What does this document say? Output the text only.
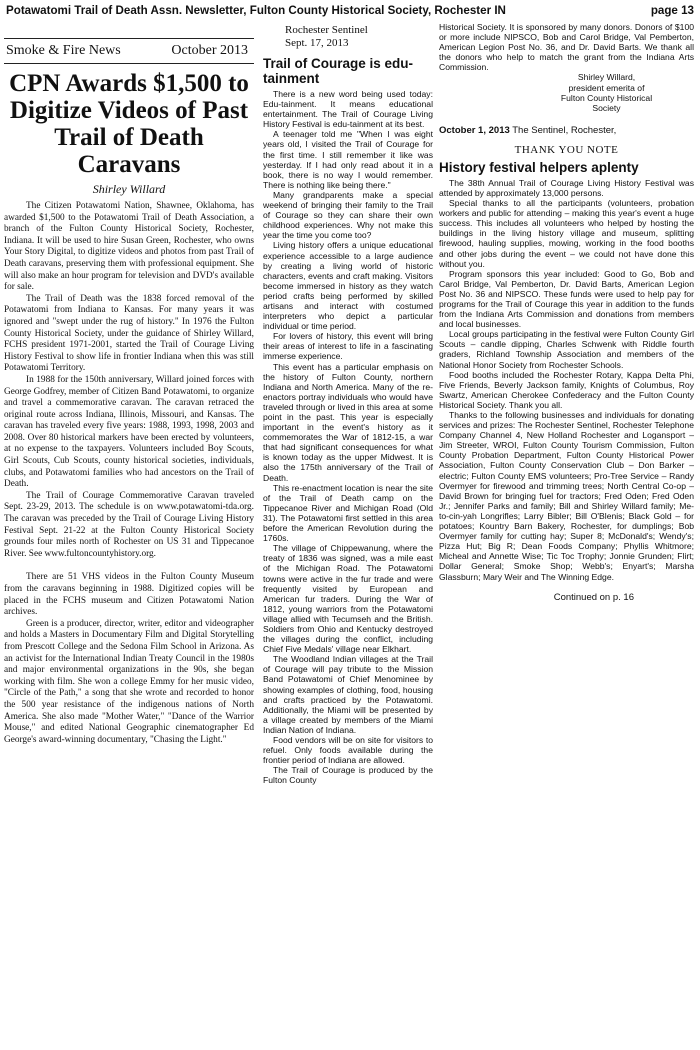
Potawatomi Trail of Death Assn. Newsletter, Fulton County Historical Society, Rochester IN	page 13
Smoke & Fire News	October 2013
CPN Awards $1,500 to Digitize Videos of Past Trail of Death Caravans
Shirley Willard

The Citizen Potawatomi Nation, Shawnee, Oklahoma, has awarded $1,500 to the Potawatomi Trail of Death Association, a branch of the Fulton County Historical Society, Rochester, Indiana. It will be used to hire Susan Green, Rochester, who owns Your Story Digital, to digitize videos and photos from past Trail of Death caravans, preserving them with professional equipment. She will also make an hour program for television and DVD's available for sale.

The Trail of Death was the 1838 forced removal of the Potawatomi from Indiana to Kansas. For many years it was ignored and "swept under the rug of history." In 1976 the Fulton County Historical Society, under the guidance of Shirley Willard, FCHS president 1971-2001, started the Trail of Courage Living History Festival to show life in frontier Indiana when this was still Potawatomi Territory.

In 1988 for the 150th anniversary, Willard joined forces with George Godfrey, member of Citizen Band Potawatomi, to organize and travel a commemorative caravan. The caravan retraced the original route across Indiana, Illinois, Missouri, and Kansas. The caravan has traveled every five years: 1988, 1993, 1998, 2003 and 2008. Over 80 historical markers have been erected by volunteers, at no expense to the taxpayers. Volunteers included Boy Scouts, Girl Scouts, Cub Scouts, county historical societies, individuals, clubs, and Potawatomi families who had ancestors on the Trail of Death.

The Trail of Courage Commemorative Caravan traveled Sept. 23-29, 2013. The schedule is on www.potawatomi-tda.org. The caravan was preceded by the Trail of Courage Living History Festival Sept. 21-22 at the Fulton County Historical Society grounds four miles north of Rochester on US 31 and Tippecanoe River. See www.fultoncountyhistory.org.

There are 51 VHS videos in the Fulton County Museum from the caravans beginning in 1988. Digitized copies will be placed in the FCHS museum and Citizen Potawatomi Nation archives.

Green is a producer, director, writer, editor and videographer and holds a Masters in Documentary Film and Digital Storytelling from Prescott College and the Sedona Film School in Arizona. As an activist for the International Indian Treaty Council in the 1980s and major environmental organizations in the 90s, she began working with film. She won a college Emmy for her music video, "Circle of the Path," a song that she wrote and recorded to honor the 500 year resistance of the indigenous nations of North America. She also made "Mother Water," "Dance of the Warrior Mouse," and edited National Geographic cinematographer Ed George's award-winning documentary, "Chasing the Light."

Rochester Sentinel
Sept. 17, 2013
Trail of Courage is edu-tainment

There is a new word being used today: Edu-tainment. It means educational entertainment. The Trail of Courage Living History Festival is edu-tainment at its best.

A teenager told me "When I was eight years old, I visited the Trail of Courage for the first time. I still remember it like was yesterday. If I had only read about it in a book, there is no way I would remember. There is nothing like being there."

Many grandparents make a special weekend of bringing their family to the Trail of Courage so they can share their own childhood experiences. Why not make this year the time you come too?

Living history offers a unique educational experience accessible to a large audience by creating a living world of historic characters, events and craft making. Visitors become immersed in history as they watch period crafts being performed by skilled artisans and interact with costumed interpreters who depict a particular individual or time period.

For lovers of history, this event will bring their areas of interest to life in a fascinating immerse experience.

This event has a particular emphasis on the history of Fulton County, northern Indiana and North America. Many of the re-enactors portray individuals who would have traveled through or lived in this area at some point in the past. This year is especially important in the event's history as it commemorates the War of 1812-15, a war that had significant consequences for what is known today as the upper Midwest. It is also the 175th anniversary of the Trail of Death.

This re-enactment location is near the site of the Trail of Death camp on the Tippecanoe River and Michigan Road (Old 31). The Potawatomi first settled in this area before the American Revolution during the 1760s.

The village of Chippewanung, where the treaty of 1836 was signed, was a mile east of the Michigan Road. The Potawatomi towns were active in the fur trade and were frequently visited by European and American fur traders. During the War of 1812, young warriors from the Potawatomi village allied with Tecumseh and the British. Soldiers from Ohio and Kentucky destroyed the villages during the conflict, including Chief Five Medals' village near Elkhart.

The Woodland Indian villages at the Trail of Courage will pay tribute to the Mission Band Potawatomi of Chief Menominee by showing examples of clothing, food, housing and crafts practiced by the Potawatomi. Additionally, the Miami will be presented by a village created by members of the Miami Indian Nation of Indiana.

Food vendors will be on site for visitors to refuel. Only foods available during the frontier period of Indiana are allowed.

The Trail of Courage is produced by the Fulton County

Historical Society. It is sponsored by many donors. Donors of $100 or more include NIPSCO, Bob and Carol Bridge, Val Pemberton, American Legion Post No. 36, and Dr. David Barts. We thank all the donors who help to match the grant from the Indiana Arts Commission.

Shirley Willard,
president emerita of
Fulton County Historical
Society
October 1, 2013 The Sentinel, Rochester,
THANK YOU NOTE
History festival helpers aplenty

The 38th Annual Trail of Courage Living History Festival was attended by approximately 13,000 persons.

Special thanks to all the participants (volunteers, probation workers and public for attending – making this year's event a huge success. This includes all volunteers who helped by hosting the buildings in the living history village and museum, splitting firewood, hauling supplies, mowing, working in the food booths and other jobs during the event – we could not have done this without you.

Program sponsors this year included: Good to Go, Bob and Carol Bridge, Val Pemberton, Dr. David Barts, American Legion Post No. 36 and NIPSCO. These funds were used to help pay for programs for the Trail of Courage this year in addition to the funds from the Indiana Arts Commission and donations from members and local businesses.

Local groups participating in the festival were Fulton County Girl Scouts – candle dipping, Charles Schwenk with Riddle fourth graders, Richland Township Association and members of the National Honor Society from Rochester Schools.

Food booths included the Rochester Rotary, Kappa Delta Phi, Five Friends, Beverly Jackson family, Knights of Columbus, Roy Swartz, American Cherokee Confederacy and the Fulton County Historical Society. Thank you all.

Thanks to the following businesses and individuals for donating services and prizes: The Rochester Sentinel, Rochester Telephone Company Channel 4, New Holland Rochester and Logansport – Jim Streeter, WROI, Fulton County Tourism Commission, Fulton County Probation Department, Fulton County Historical Power Association, Fulton County Conservation Club – Don Barker – electric; Fulton County EMS volunteers; Pro-Tree Service – Randy Overmyer for firewood and trimming trees; North Central Co-op – David Brown for bringing fuel for tractors; Fred Oden; Fred Oden Jr.; Jennifer Parks and family; Bill and Shirley Willard family; Me-to-cin-yah Longrifles; Larry Bibler; Bill O'Blenis; Black Gold – for potatoes; Kountry Barn Bakery, Rochester, for dumplings; Bob Overmyer family for cutting hay; Super 8; McDonald's; Wendy's; Pizza Hut; Big R; Dean Foods Company; Phyllis Whitmore; Micheal and Annette Wise; Tic Toc Trophy; Jonnie Grunden; Flirt; Dollar General; Smoke Shop; Webb's; Enyart's; Marsha Glassburn; Mary Weir and The Winning Edge.

Continued on p. 16
